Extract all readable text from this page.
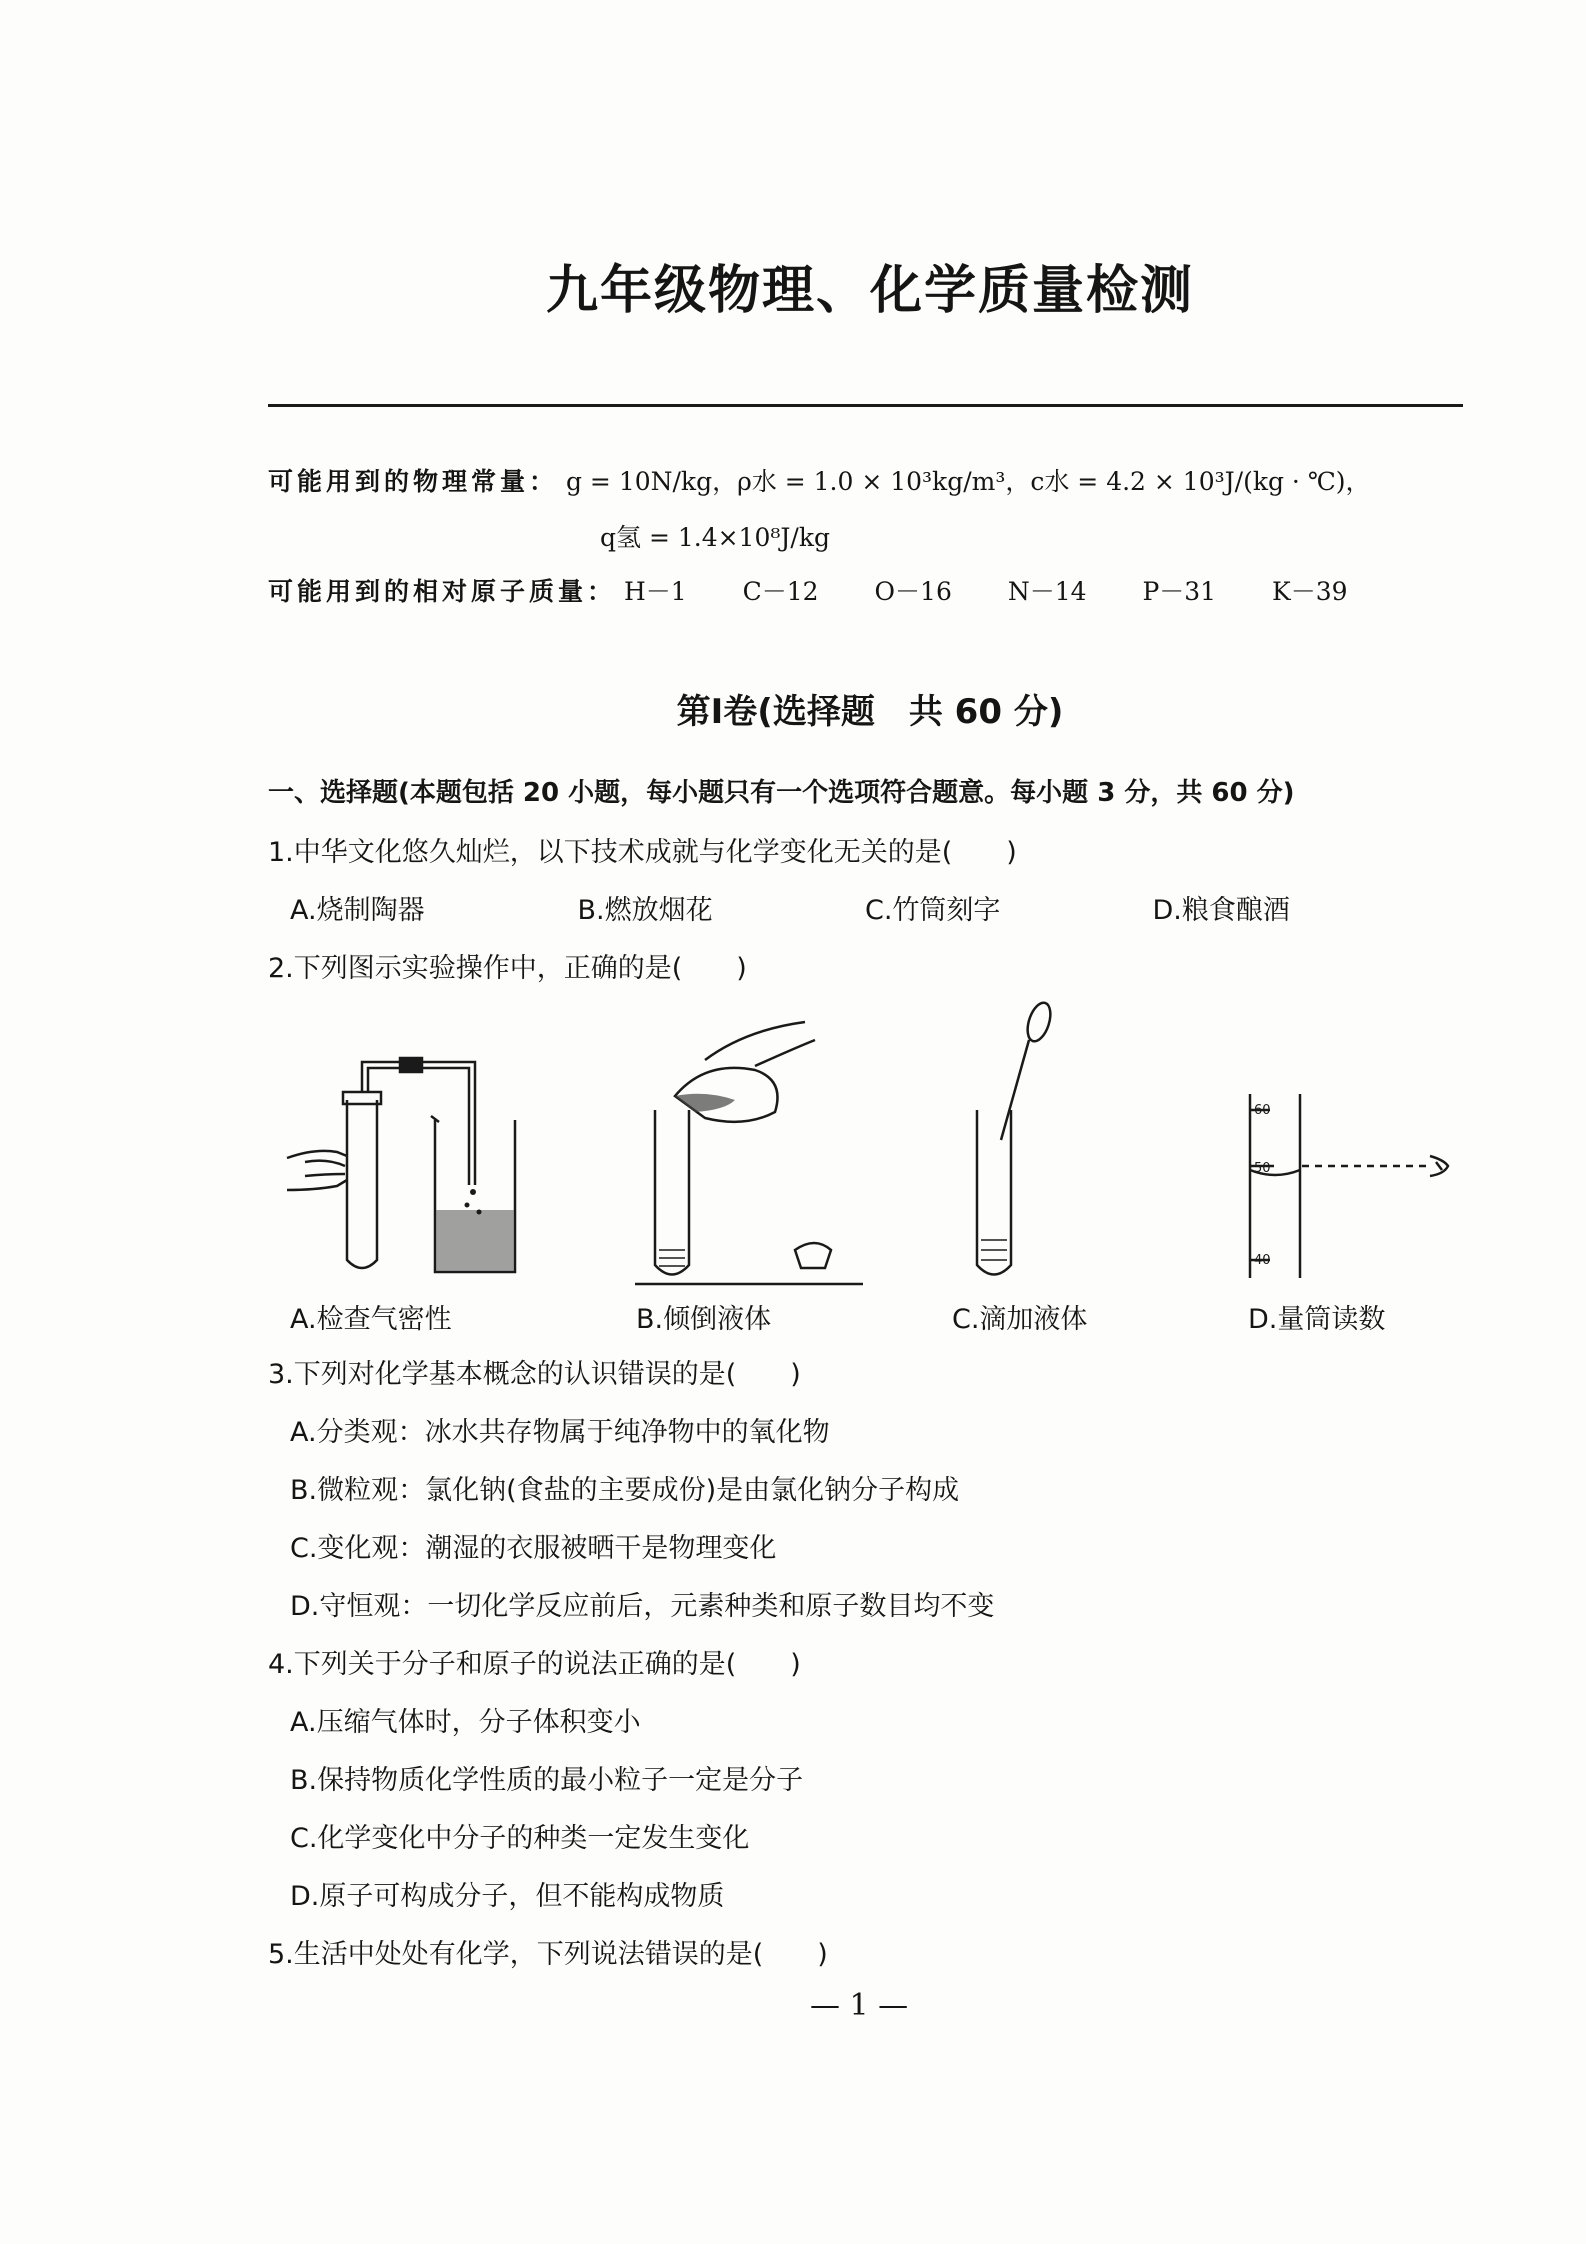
九年级物理、化学质量检测
可能用到的物理常量： g = 10N/kg，ρ水 = 1.0 × 10³kg/m³，c水 = 4.2 × 10³J/(kg · ℃)，
q氢 = 1.4×10⁸J/kg
可能用到的相对原子质量： H－1 C－12 O－16 N－14 P－31 K－39
第Ⅰ卷(选择题　共 60 分)
一、选择题(本题包括 20 小题，每小题只有一个选项符合题意。每小题 3 分，共 60 分)
1.中华文化悠久灿烂，以下技术成就与化学变化无关的是(　　)
A.烧制陶器	B.燃放烟花	C.竹筒刻字	D.粮食酿酒
2.下列图示实验操作中，正确的是(　　)
60
50
40
A.检查气密性	B.倾倒液体	C.滴加液体	D.量筒读数
3.下列对化学基本概念的认识错误的是(　　)
A.分类观：冰水共存物属于纯净物中的氧化物
B.微粒观：氯化钠(食盐的主要成份)是由氯化钠分子构成
C.变化观：潮湿的衣服被晒干是物理变化
D.守恒观：一切化学反应前后，元素种类和原子数目均不变
4.下列关于分子和原子的说法正确的是(　　)
A.压缩气体时，分子体积变小
B.保持物质化学性质的最小粒子一定是分子
C.化学变化中分子的种类一定发生变化
D.原子可构成分子，但不能构成物质
5.生活中处处有化学，下列说法错误的是(　　)
— 1 —
